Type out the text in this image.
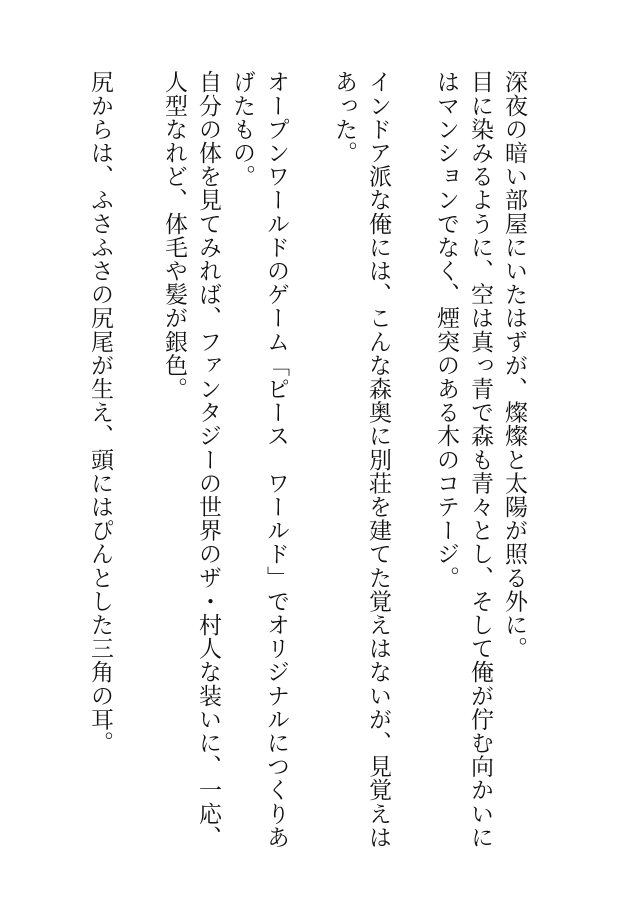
深夜の暗い部屋にいたはずが、燦燦と太陽が照る外に。
目に染みるように、空は真っ青で森も青々とし、そして俺が佇む向かいに
はマンションでなく、煙突のある木のコテージ。
インドア派な俺には、こんな森奥に別荘を建てた覚えはないが、見覚えは
あった。
オープンワールドのゲーム「ピース　ワールド」でオリジナルにつくりあ
げたもの。
自分の体を見てみれば、ファンタジーの世界のザ・村人な装いに、一応、
人型なれど、体毛や髪が銀色。
尻からは、ふさふさの尻尾が生え、頭にはぴんとした三角の耳。
